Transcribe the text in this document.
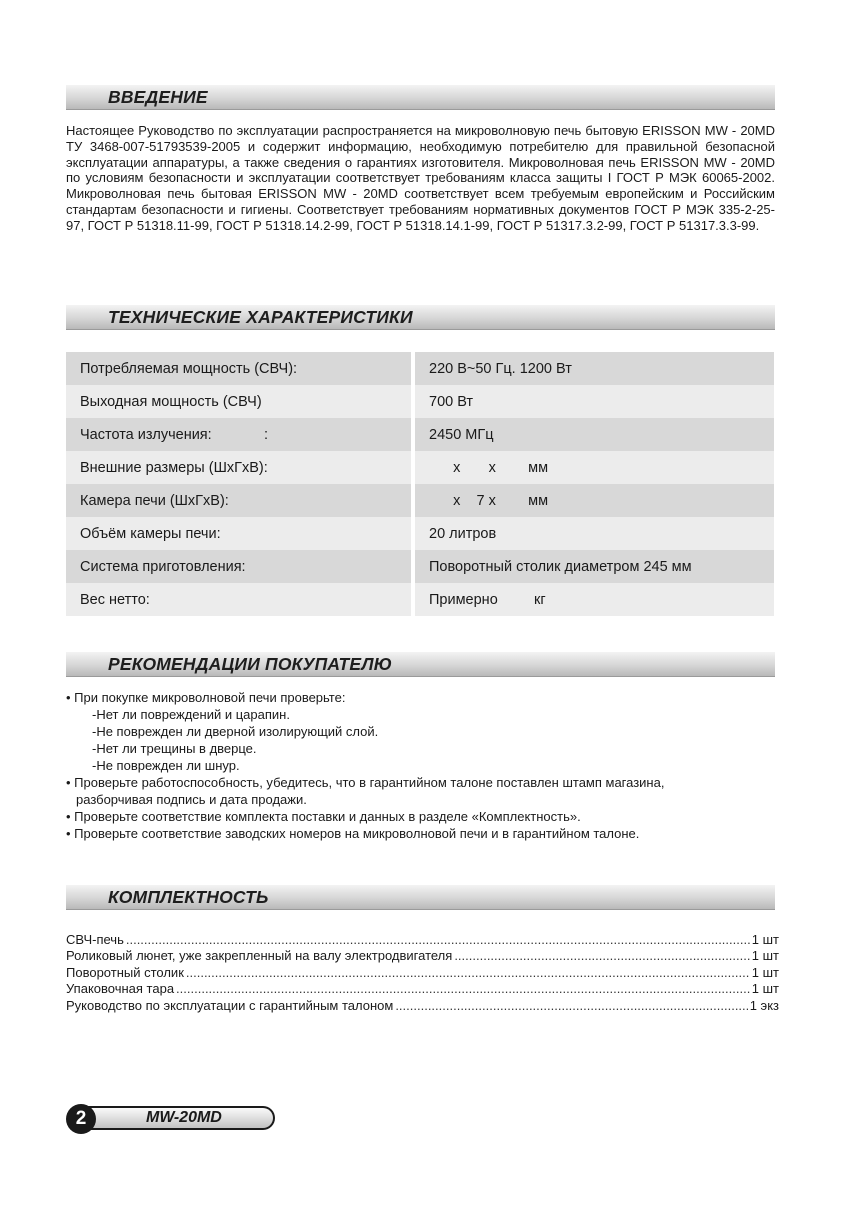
ВВЕДЕНИЕ

Настоящее Руководство по эксплуатации распространяется на микроволновую печь бытовую ERISSON MW - 20MD ТУ 3468-007-51793539-2005 и содержит информацию, необходимую потребителю для правильной безопасной эксплуатации аппаратуры, а также сведения о гарантиях изготовителя. Микроволновая печь ERISSON MW - 20MD по условиям безопасности и эксплуатации соответствует требованиям класса защиты I ГОСТ Р МЭК 60065-2002. Микроволновая печь бытовая ERISSON MW - 20MD соответствует всем требуемым европейским и Российским стандартам безопасности и гигиены. Соответствует требованиям нормативных документов ГОСТ Р МЭК 335-2-25-97, ГОСТ Р 51318.11-99, ГОСТ Р 51318.14.2-99, ГОСТ Р 51318.14.1-99, ГОСТ Р 51317.3.2-99, ГОСТ Р 51317.3.3-99.

ТЕХНИЧЕСКИЕ ХАРАКТЕРИСТИКИ
Потребляемая мощность (СВЧ):	220 В~50 Гц. 1200 Вт
Выходная мощность (СВЧ)	700 Вт
Частота излучения:             :	2450 МГц
Внешние размеры (ШхГхВ):	х       х        мм
Камера печи (ШхГхВ):	х    7 х        мм
Объём камеры печи:	20 литров
Система приготовления:	Поворотный столик диаметром 245 мм
Вес нетто:	Примерно         кг
РЕКОМЕНДАЦИИ ПОКУПАТЕЛЮ
• При покупке микроволновой печи проверьте:
-Нет ли повреждений и царапин.
-Не поврежден ли дверной изолирующий слой.
-Нет ли трещины в дверце.
-Не поврежден ли шнур.
• Проверьте работоспособность, убедитесь, что в гарантийном талоне поставлен штамп магазина,
разборчивая подпись и дата продажи.
• Проверьте соответствие комплекта поставки и данных в разделе «Комплектность».
• Проверьте соответствие заводских номеров на микроволновой печи и в гарантийном талоне.
КОМПЛЕКТНОСТЬ
СВЧ-печь .....	1 шт
Роликовый люнет, уже закрепленный на валу электродвигателя .....	1 шт
Поворотный столик .....	1 шт
Упаковочная тара .....	1 шт
Руководство по эксплуатации с гарантийным талоном .....	1 экз
MW-20MD
2
